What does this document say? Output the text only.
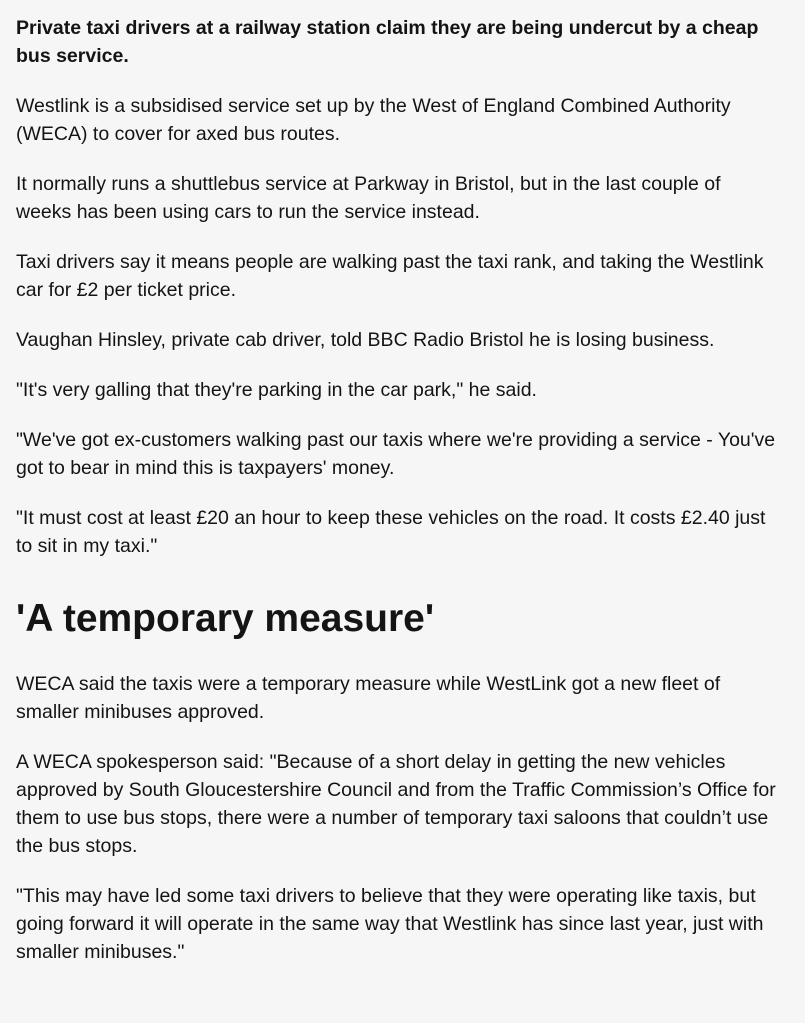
Private taxi drivers at a railway station claim they are being undercut by a cheap bus service.

Westlink is a subsidised service set up by the West of England Combined Authority (WECA) to cover for axed bus routes.

It normally runs a shuttlebus service at Parkway in Bristol, but in the last couple of weeks has been using cars to run the service instead.

Taxi drivers say it means people are walking past the taxi rank, and taking the Westlink car for £2 per ticket price.

Vaughan Hinsley, private cab driver, told BBC Radio Bristol he is losing business.

"It's very galling that they're parking in the car park," he said.

"We've got ex-customers walking past our taxis where we're providing a service - You've got to bear in mind this is taxpayers' money.

"It must cost at least £20 an hour to keep these vehicles on the road. It costs £2.40 just to sit in my taxi."

'A temporary measure'

WECA said the taxis were a temporary measure while WestLink got a new fleet of smaller minibuses approved.

A WECA spokesperson said: "Because of a short delay in getting the new vehicles approved by South Gloucestershire Council and from the Traffic Commission’s Office for them to use bus stops, there were a number of temporary taxi saloons that couldn’t use the bus stops.

"This may have led some taxi drivers to believe that they were operating like taxis, but going forward it will operate in the same way that Westlink has since last year, just with smaller minibuses."
